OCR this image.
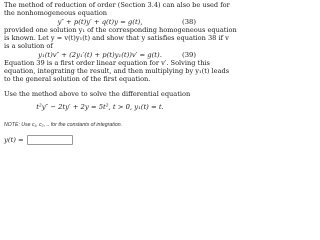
The method of reduction of order (Section 3.4) can also be used for
the nonhomogeneous equation
y″ + p(t)y′ + q(t)y = g(t),	(38)
provided one solution y₁ of the corresponding homogeneous equation
is known. Let y = v(t)y₁(t) and show that y satisfies equation 38 if v
is a solution of
y₁(t)v″ + (2y₁′(t) + p(t)y₁(t))v′ = g(t).	(39)
Equation 39 is a first order linear equation for v′. Solving this
equation, integrating the result, and then multiplying by y₁(t) leads
to the general solution of the first equation.
Use the method above to solve the differential equation
t²y″ − 2ty′ + 2y = 5t², t > 0, y₁(t) = t.
NOTE: Use c₁, c₂, .. for the constants of integration.
y(t) =
